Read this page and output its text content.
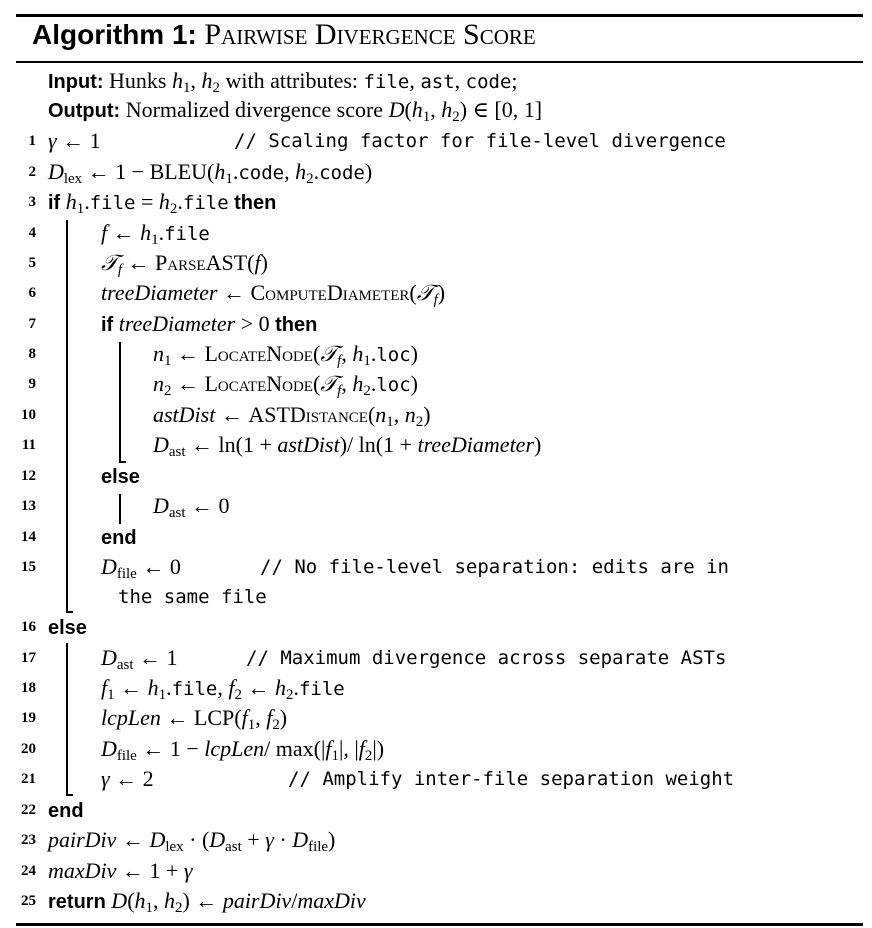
Algorithm 1: Pairwise Divergence Score
Input: Hunks $h_1$, $h_2$ with attributes: file, ast, code;
Output: Normalized divergence score $D(h_1$, $h_2$) ∈ [0, 1]
1 γ ← 1	// Scaling factor for file-level divergence
2 $D_{lex}$ ← $1 - BLEU(h_1.code$, $h_2.code$)
3 if $h_1.file$ = $h_2.file$ then
4	f ← $h_1.file$
5	𝒯$_f$ ← ParseAST(f)
6	treeDiameter ← ComputeDiameter(𝒯$_f$)
7	if treeDiameter > 0 then
8	$n_1$ ← LocateNode(𝒯$_f$, $h_1.loc$)
9	$n_2$ ← LocateNode(𝒯$_f$, $h_2.loc$)
10	astDist ← $ASTDistance(n_1$, $n_2$)
11	$D_{ast}$ ← ln(1 + astDist)/ ln(1 + treeDiameter)
12	else
13	$D_{ast}$ ← 0
14	end
15	$D_{file}$ ← 0	// No file-level separation: edits are in
the same file
16 else
17	$D_{ast}$ ← 1	// Maximum divergence across separate ASTs
18	$f_1$ ← $h_1.file$, $f_2$ ← $h_2.file$
19	lcpLen ← $LCP(f_1$, $f_2$)
20	$D_{file}$ ← 1 − lcpLen/ $\max(|f_1|$, $|f_2|$)
21	γ ← 2	// Amplify inter-file separation weight
22 end
23 pairDiv ← $D_{lex} \cdot (D_{ast} + \gamma \cdot D_{file})$
24 maxDiv ← 1 + γ
25 return $D(h_1$, $h_2$) ← pairDiv/maxDiv
